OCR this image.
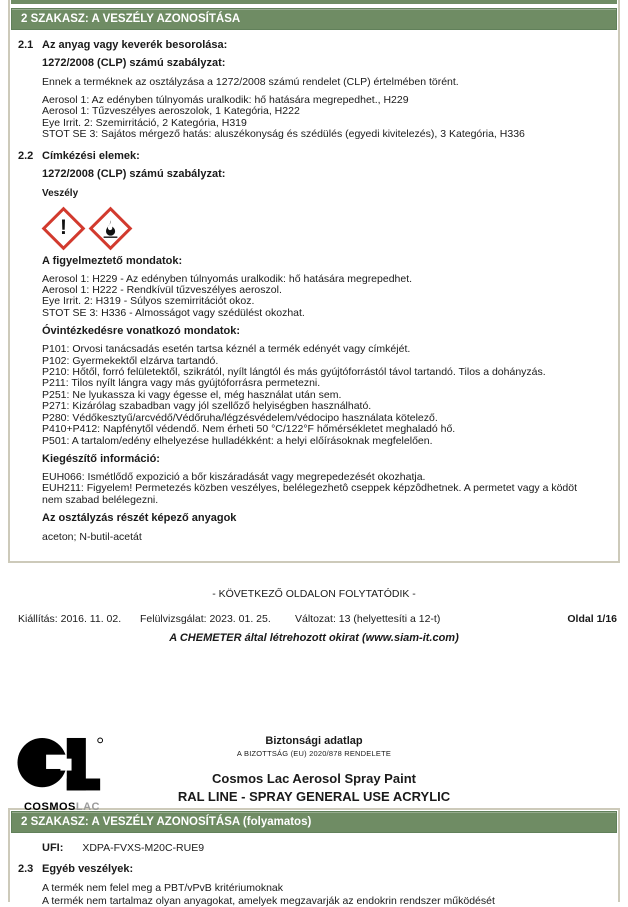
2 SZAKASZ: A VESZÉLY AZONOSÍTÁSA
2.1 Az anyag vagy keverék besorolása:
1272/2008 (CLP) számú szabályzat:
Ennek a terméknek az osztályzása a 1272/2008 számú rendelet (CLP) értelmében törént.
Aerosol 1: Az edényben túlnyomás uralkodik: hő hatására megrepedhet., H229
Aerosol 1: Tűzveszélyes aeroszolok, 1 Kategória, H222
Eye Irrit. 2: Szemirritáció, 2 Kategória, H319
STOT SE 3: Sajátos mérgező hatás: aluszékonyság és szédülés (egyedi kivitelezés), 3 Kategória, H336
2.2 Címkézési elemek:
1272/2008 (CLP) számú szabályzat:
Veszély
!
A figyelmeztető mondatok:
Aerosol 1: H229 - Az edényben túlnyomás uralkodik: hő hatására megrepedhet.
Aerosol 1: H222 - Rendkívül tűzveszélyes aeroszol.
Eye Irrit. 2: H319 - Súlyos szemirritációt okoz.
STOT SE 3: H336 - Almosságot vagy szédülést okozhat.
Óvintézkedésre vonatkozó mondatok:
P101: Orvosi tanácsadás esetén tartsa kéznél a termék edényét vagy címkéjét.
P102: Gyermekektől elzárva tartandó.
P210: Hőtől, forró felületektől, szikrától, nyílt lángtól és más gyújtóforrástól távol tartandó. Tilos a dohányzás.
P211: Tilos nyílt lángra vagy más gyújtóforrásra permetezni.
P251: Ne lyukassza ki vagy égesse el, még használat után sem.
P271: Kizárólag szabadban vagy jól szellőző helyiségben használható.
P280: Védőkesztyű/arcvédő/Védőruha/légzésvédelem/védocipo használata kötelező.
P410+P412: Napfénytől védendő. Nem érheti 50 °C/122°F hőmérsékletet meghaladó hő.
P501: A tartalom/edény elhelyezése hulladékként: a helyi előírásoknak megfelelően.
Kiegészítő információ:
EUH066: Ismétlődő expozició a bőr kiszáradását vagy megrepedezését okozhatja.
EUH211: Figyelem! Permetezés közben veszélyes, belélegezhetô cseppek képzôdhetnek. A permetet vagy a ködöt nem szabad belélegezni.
Az osztályzás részét képező anyagok
aceton; N-butil-acetát
- KÖVETKEZŐ OLDALON FOLYTATÓDIK -
Kiállítás: 2016. 11. 02. Felülvizsgálat: 2023. 01. 25. Változat: 13 (helyettesíti a 12-t)	Oldal 1/16
A CHEMETER által létrehozott okirat (www.siam-it.com)
COSMOSLAC
Biztonsági adatlap
A BIZOTTSÁG (EU) 2020/878 RENDELETE
Cosmos Lac Aerosol Spray Paint
RAL LINE - SPRAY GENERAL USE ACRYLIC
2 SZAKASZ: A VESZÉLY AZONOSÍTÁSA (folyamatos)
UFI: XDPA-FVXS-M20C-RUE9
2.3 Egyéb veszélyek:
A termék nem felel meg a PBT/vPvB kritériumoknak
A termék nem tartalmaz olyan anyagokat, amelyek megzavarják az endokrin rendszer működését
